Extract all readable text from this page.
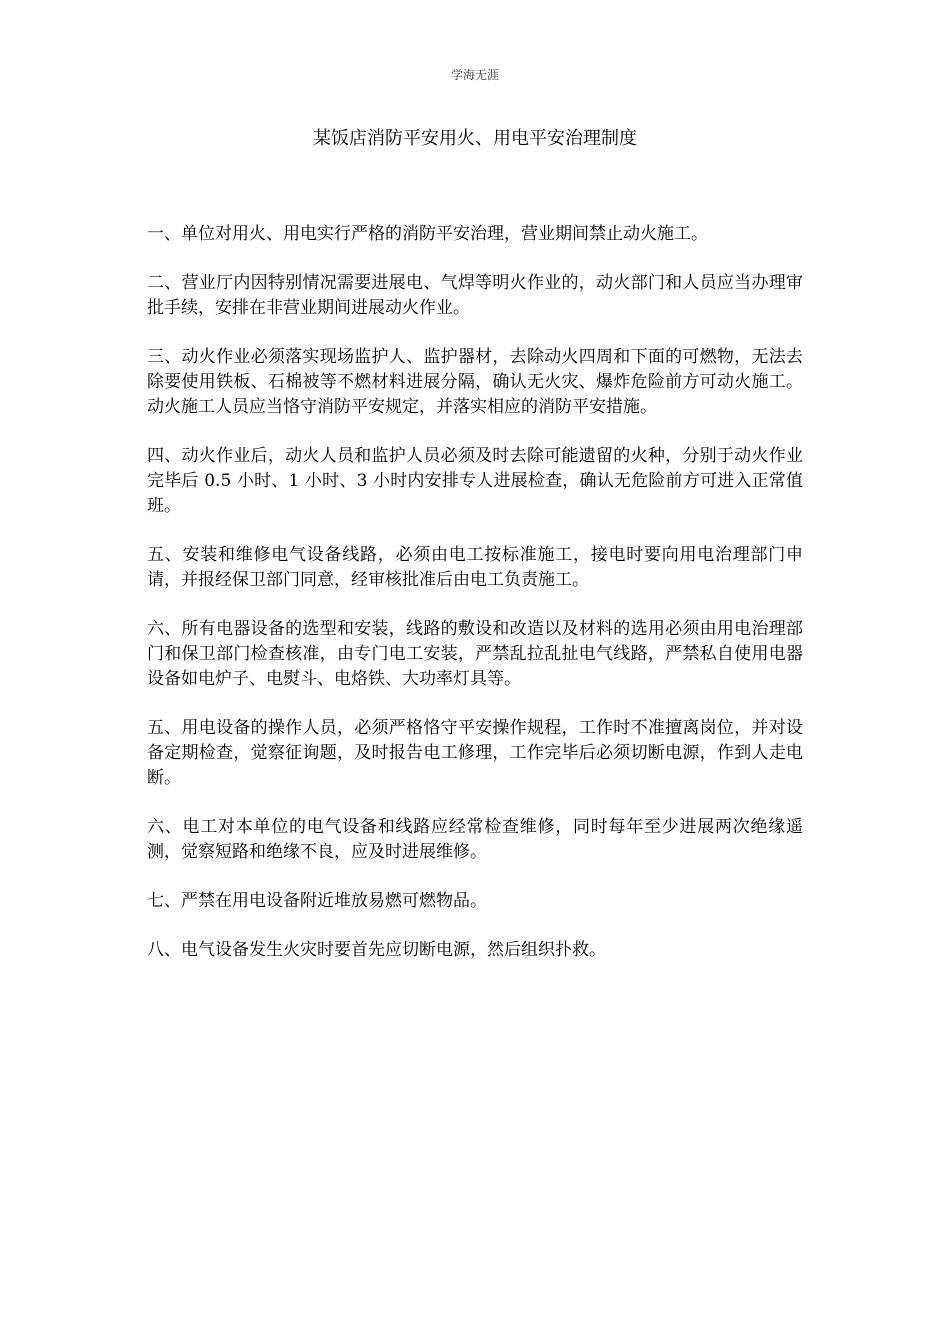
学海无涯
某饭店消防平安用火、用电平安治理制度

一、单位对用火、用电实行严格的消防平安治理，营业期间禁止动火施工。

二、营业厅内因特别情况需要进展电、气焊等明火作业的，动火部门和人员应当办理审批手续，安排在非营业期间进展动火作业。

三、动火作业必须落实现场监护人、监护器材，去除动火四周和下面的可燃物，无法去除要使用铁板、石棉被等不燃材料进展分隔，确认无火灾、爆炸危险前方可动火施工。动火施工人员应当恪守消防平安规定，并落实相应的消防平安措施。

四、动火作业后，动火人员和监护人员必须及时去除可能遗留的火种，分别于动火作业完毕后 0.5 小时、1 小时、3 小时内安排专人进展检查，确认无危险前方可进入正常值班。

五、安装和维修电气设备线路，必须由电工按标准施工，接电时要向用电治理部门申请，并报经保卫部门同意，经审核批准后由电工负责施工。

六、所有电器设备的选型和安装，线路的敷设和改造以及材料的选用必须由用电治理部门和保卫部门检查核准，由专门电工安装，严禁乱拉乱扯电气线路，严禁私自使用电器设备如电炉子、电熨斗、电烙铁、大功率灯具等。

五、用电设备的操作人员，必须严格恪守平安操作规程，工作时不准擅离岗位，并对设备定期检查，觉察征询题，及时报告电工修理，工作完毕后必须切断电源，作到人走电断。

六、电工对本单位的电气设备和线路应经常检查维修，同时每年至少进展两次绝缘遥测，觉察短路和绝缘不良，应及时进展维修。

七、严禁在用电设备附近堆放易燃可燃物品。

八、电气设备发生火灾时要首先应切断电源，然后组织扑救。
